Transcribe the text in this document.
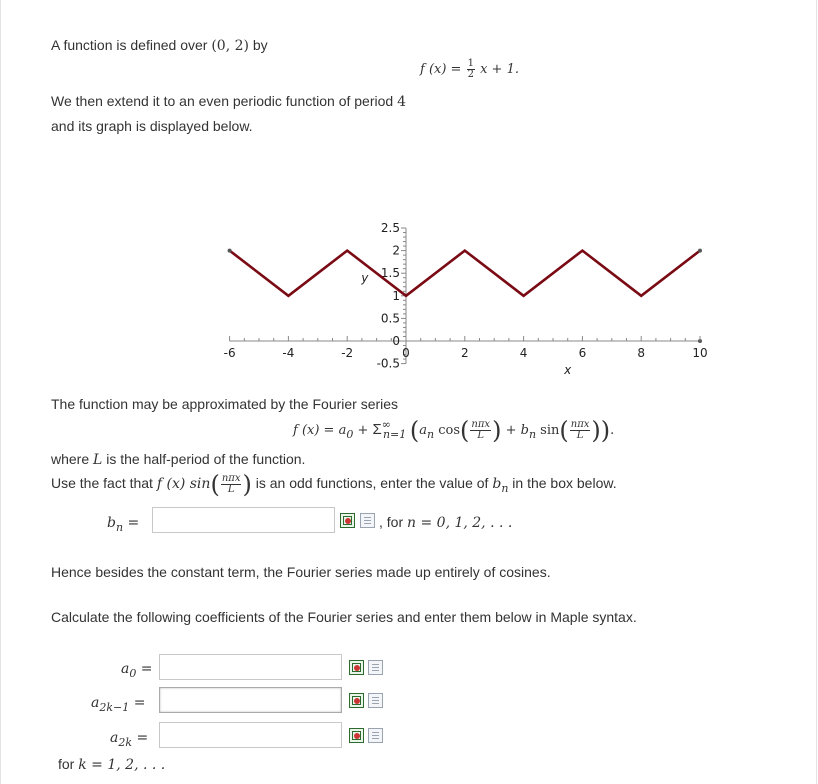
A function is defined over (0, 2) by
f $(x) = \frac{1}{2}$ x + 1.
We then extend it to an even periodic function of period 4
and its graph is displayed below.
-6	-4	-2	0	2	4	6	8	10
2.5
2
1.5
1
0.5
0
-0.5	x
y
The function may be approximated by the Fourier series
f $(x) = a_0 + \Sigma^\infty_{n=1}$ ($a_n$ $\cos( \frac{\text{nπx}}{L}$ ) + $b_n$ $\sin( \frac{\text{nπx}}{L}$ )).
where L is the half-period of the function.
Use the fact that f (x) $\sin( \frac{\text{nπx}}{L}$ ) is an odd functions, enter the value of $b_n$ in the box below.
$b_n$ =	, for n = 0, 1, 2, . . .
Hence besides the constant term, the Fourier series made up entirely of cosines.
Calculate the following coefficients of the Fourier series and enter them below in Maple syntax.
$a_0$ =
$a_{2k-1}$ =
$a_{2k}$ =
for k = 1, 2, . . .
